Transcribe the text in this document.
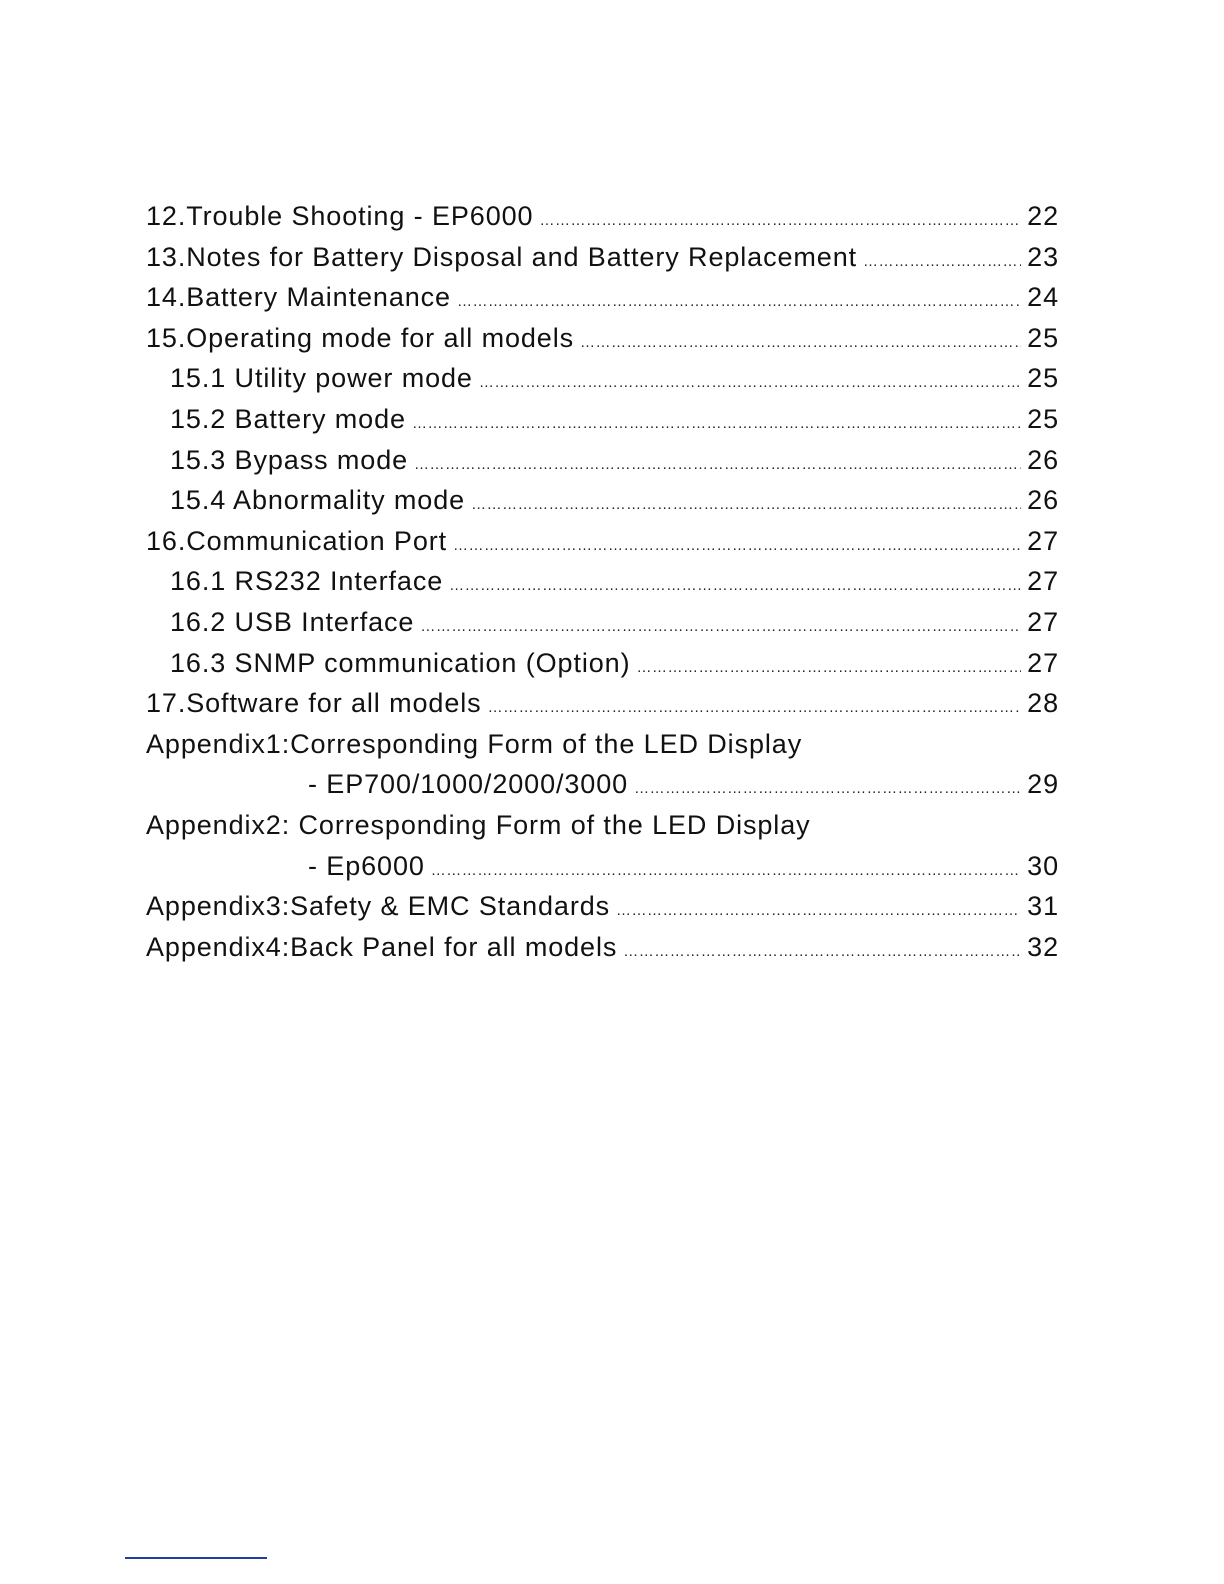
12.Trouble Shooting - EP6000 ……………………………………………………………………………………………………………………………………………………………………………………………………………………	22
13.Notes for Battery Disposal and Battery Replacement ……………………………………………………………………………………………………………………………………………………………………………………………………………………	23
14.Battery Maintenance ……………………………………………………………………………………………………………………………………………………………………………………………………………………	24
15.Operating mode for all models ……………………………………………………………………………………………………………………………………………………………………………………………………………………	25
15.1 Utility power mode ……………………………………………………………………………………………………………………………………………………………………………………………………………………	25
15.2 Battery mode ……………………………………………………………………………………………………………………………………………………………………………………………………………………	25
15.3 Bypass mode ……………………………………………………………………………………………………………………………………………………………………………………………………………………	26
15.4 Abnormality mode ……………………………………………………………………………………………………………………………………………………………………………………………………………………	26
16.Communication Port ……………………………………………………………………………………………………………………………………………………………………………………………………………………	27
16.1 RS232 Interface ……………………………………………………………………………………………………………………………………………………………………………………………………………………	27
16.2 USB Interface ……………………………………………………………………………………………………………………………………………………………………………………………………………………	27
16.3 SNMP communication (Option) ……………………………………………………………………………………………………………………………………………………………………………………………………………………	27
17.Software for all models ……………………………………………………………………………………………………………………………………………………………………………………………………………………	28
Appendix1:Corresponding Form of the LED Display
- EP700/1000/2000/3000 ……………………………………………………………………………………………………………………………………………………………………………………………………………………	29
Appendix2: Corresponding Form of the LED Display
- Ep6000 ……………………………………………………………………………………………………………………………………………………………………………………………………………………	30
Appendix3:Safety & EMC Standards ……………………………………………………………………………………………………………………………………………………………………………………………………………………	31
Appendix4:Back Panel for all models ……………………………………………………………………………………………………………………………………………………………………………………………………………………	32
